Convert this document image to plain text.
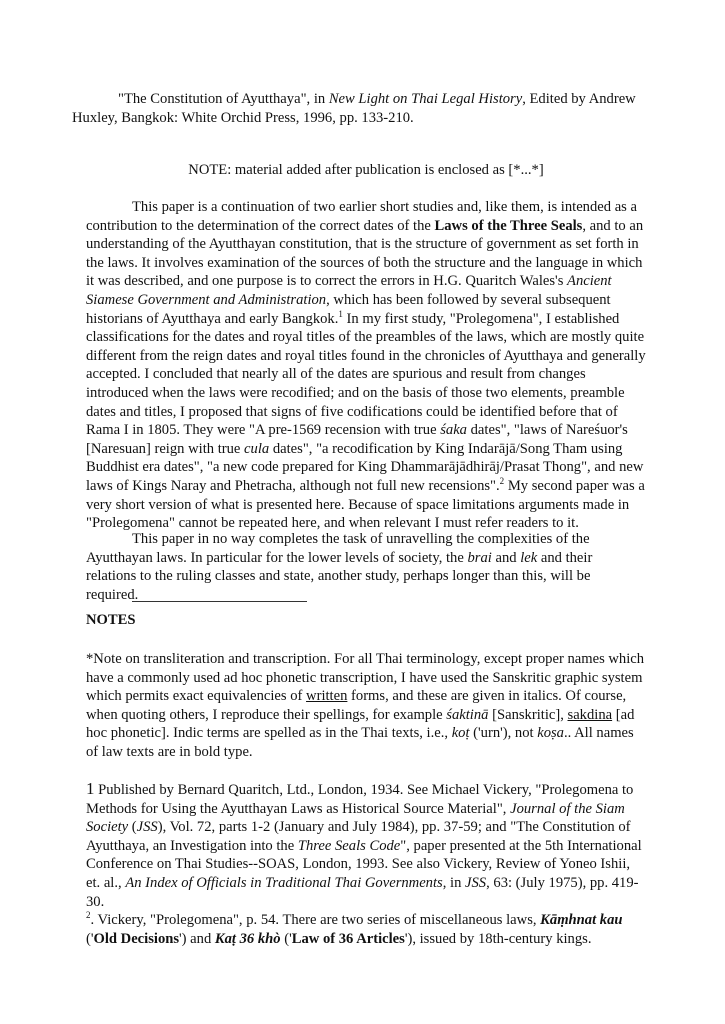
"The Constitution of Ayutthaya", in New Light on Thai Legal History, Edited by Andrew Huxley, Bangkok: White Orchid Press, 1996, pp. 133-210.
NOTE: material added after publication is enclosed as [*...*]
This paper is a continuation of two earlier short studies and, like them, is intended as a contribution to the determination of the correct dates of the Laws of the Three Seals, and to an understanding of the Ayutthayan constitution, that is the structure of government as set forth in the laws. It involves examination of the sources of both the structure and the language in which it was described, and one purpose is to correct the errors in H.G. Quaritch Wales's Ancient Siamese Government and Administration, which has been followed by several subsequent historians of Ayutthaya and early Bangkok.$^1$ In my first study, "Prolegomena", I established classifications for the dates and royal titles of the preambles of the laws, which are mostly quite different from the reign dates and royal titles found in the chronicles of Ayutthaya and generally accepted. I concluded that nearly all of the dates are spurious and result from changes introduced when the laws were recodified; and on the basis of those two elements, preamble dates and titles, I proposed that signs of five codifications could be identified before that of Rama I in 1805. They were "A pre-1569 recension with true śaka dates", "laws of Nareśuor's [Naresuan] reign with true cula dates", "a recodification by King Indarājā/Song Tham using Buddhist era dates", "a new code prepared for King Dhammarājādhirāj/Prasat Thong", and new laws of Kings Naray and Phetracha, although not full new recensions".$^2$ My second paper was a very short version of what is presented here. Because of space limitations arguments made in "Prolegomena" cannot be repeated here, and when relevant I must refer readers to it.
This paper in no way completes the task of unravelling the complexities of the Ayutthayan laws. In particular for the lower levels of society, the brai and lek and their relations to the ruling classes and state, another study, perhaps longer than this, will be required.
NOTES
*Note on transliteration and transcription. For all Thai terminology, except proper names which have a commonly used ad hoc phonetic transcription, I have used the Sanskritic graphic system which permits exact equivalencies of written forms, and these are given in italics. Of course, when quoting others, I reproduce their spellings, for example śaktinā [Sanskritic], sakdina [ad hoc phonetic]. Indic terms are spelled as in the Thai texts, i.e., koṭ ('urn'), not koṣa.. All names of law texts are in bold type.
1 Published by Bernard Quaritch, Ltd., London, 1934. See Michael Vickery, "Prolegomena to Methods for Using the Ayutthayan Laws as Historical Source Material", Journal of the Siam Society (JSS), Vol. 72, parts 1-2 (January and July 1984), pp. 37-59; and "The Constitution of Ayutthaya, an Investigation into the Three Seals Code", paper presented at the 5th International Conference on Thai Studies--SOAS, London, 1993. See also Vickery, Review of Yoneo Ishii, et. al., An Index of Officials in Traditional Thai Governments, in JSS, 63: (July 1975), pp. 419-30.
$^2$. Vickery, "Prolegomena", p. 54. There are two series of miscellaneous laws, Kāṃhnat kau ('Old Decisions') and Kaṭ 36 khò ('Law of 36 Articles'), issued by 18th-century kings.
